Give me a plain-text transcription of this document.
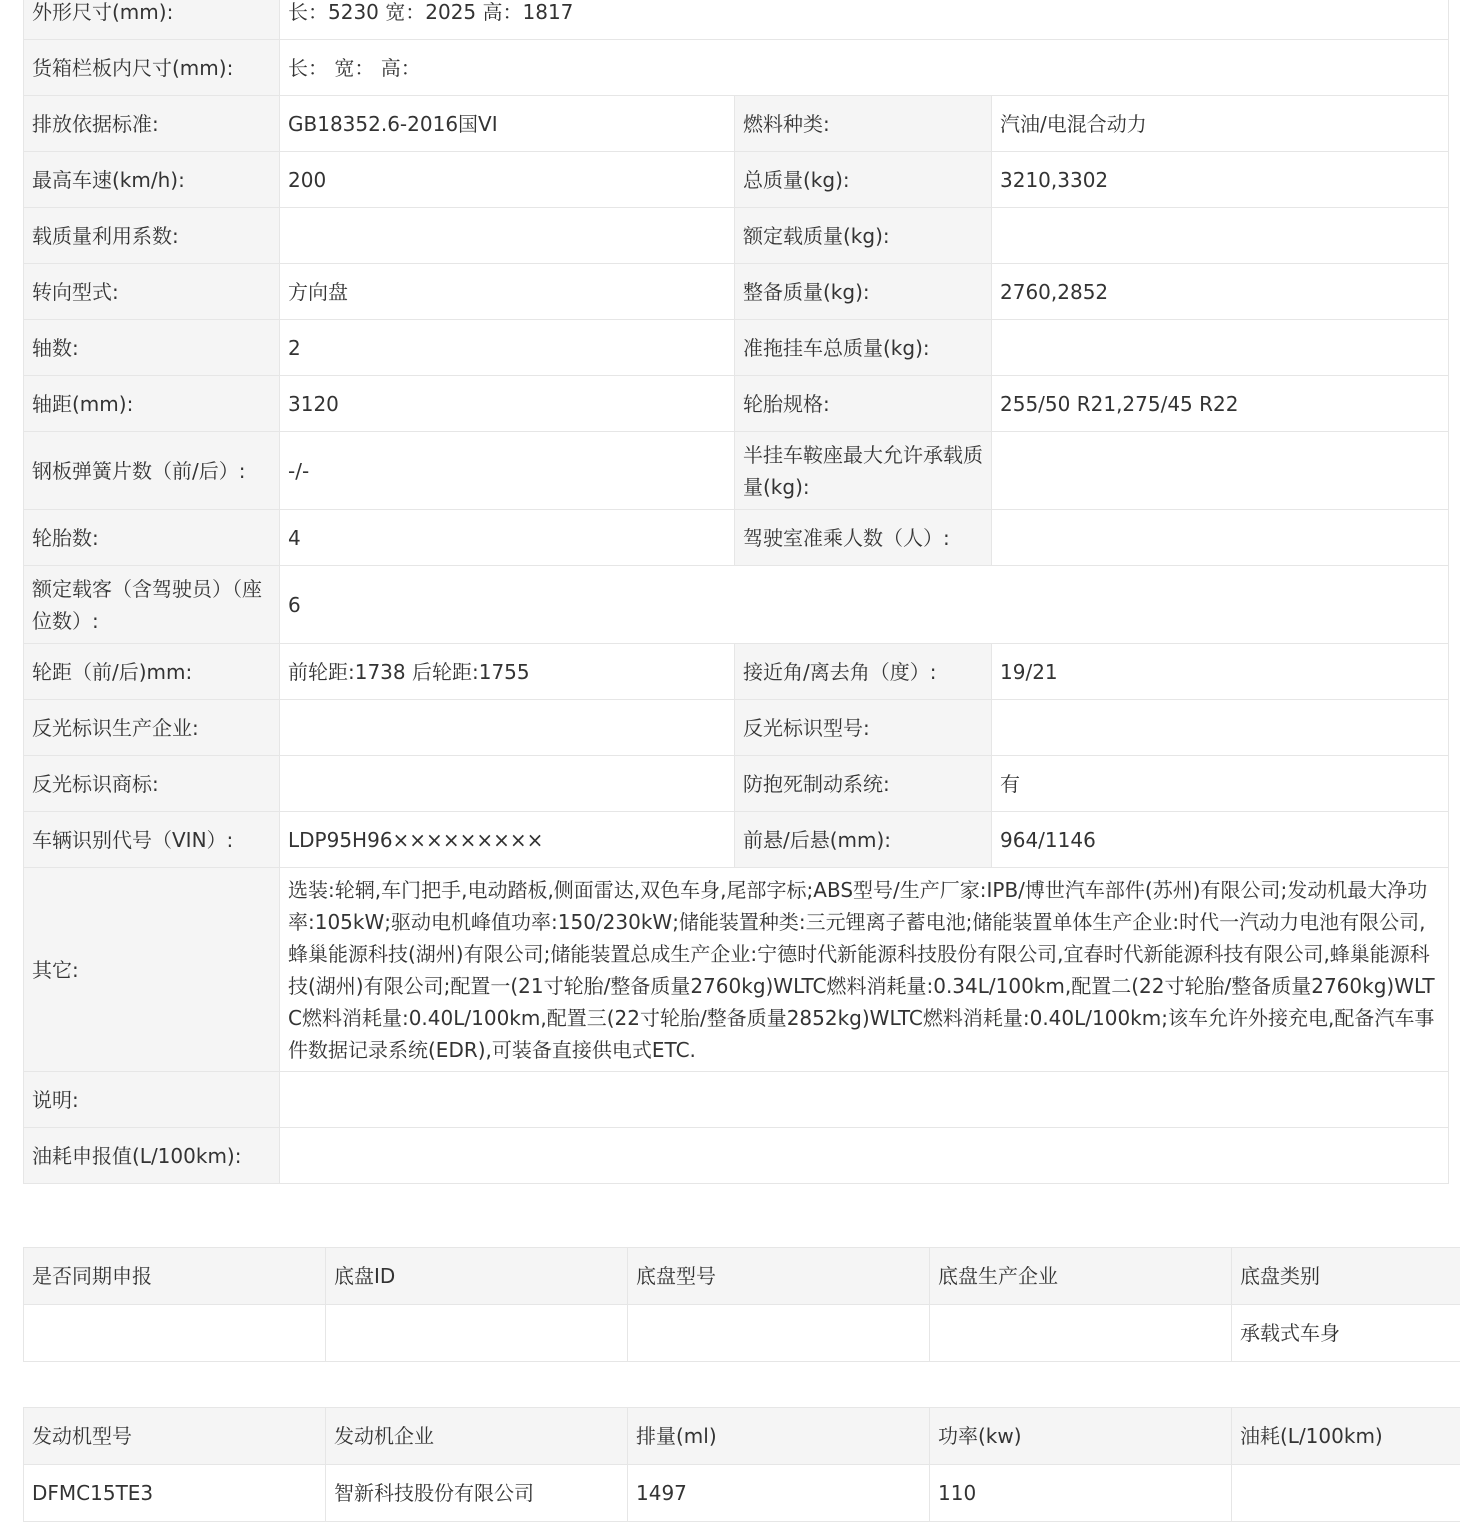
外形尺寸(mm):	长：5230 宽：2025 高：1817		
货箱栏板内尺寸(mm):	长： 宽： 高：		
排放依据标准:	GB18352.6-2016国VI	燃料种类:	汽油/电混合动力
最高车速(km/h):	200	总质量(kg):	3210,3302
载质量利用系数:		额定载质量(kg):	
转向型式:	方向盘	整备质量(kg):	2760,2852
轴数:	2	准拖挂车总质量(kg):	
轴距(mm):	3120	轮胎规格:	255/50 R21,275/45 R22
钢板弹簧片数（前/后）:	-/-	半挂车鞍座最大允许承载质量(kg):	
轮胎数:	4	驾驶室准乘人数（人）:	
额定载客（含驾驶员）（座位数）:	6		
轮距（前/后)mm:	前轮距:1738 后轮距:1755	接近角/离去角（度）:	19/21
反光标识生产企业:		反光标识型号:	
反光标识商标:		防抱死制动系统:	有
车辆识别代号（VIN）:	LDP95H96×××××××××	前悬/后悬(mm):	964/1146
其它:	选装:轮辋,车门把手,电动踏板,侧面雷达,双色车身,尾部字标;ABS型号/生产厂家:IPB/博世汽车部件(苏州)有限公司;发动机最大净功率:105kW;驱动电机峰值功率:150/230kW;储能装置种类:三元锂离子蓄电池;储能装置单体生产企业:时代一汽动力电池有限公司,蜂巢能源科技(湖州)有限公司;储能装置总成生产企业:宁德时代新能源科技股份有限公司,宜春时代新能源科技有限公司,蜂巢能源科技(湖州)有限公司;配置一(21寸轮胎/整备质量2760kg)WLTC燃料消耗量:0.34L/100km,配置二(22寸轮胎/整备质量2760kg)WLTC燃料消耗量:0.40L/100km,配置三(22寸轮胎/整备质量2852kg)WLTC燃料消耗量:0.40L/100km;该车允许外接充电,配备汽车事件数据记录系统(EDR),可装备直接供电式ETC.		
说明:			
油耗申报值(L/100km):			
是否同期申报	底盘ID	底盘型号	底盘生产企业	底盘类别
				承载式车身
发动机型号	发动机企业	排量(ml)	功率(kw)	油耗(L/100km)
DFMC15TE3	智新科技股份有限公司	1497	110	
